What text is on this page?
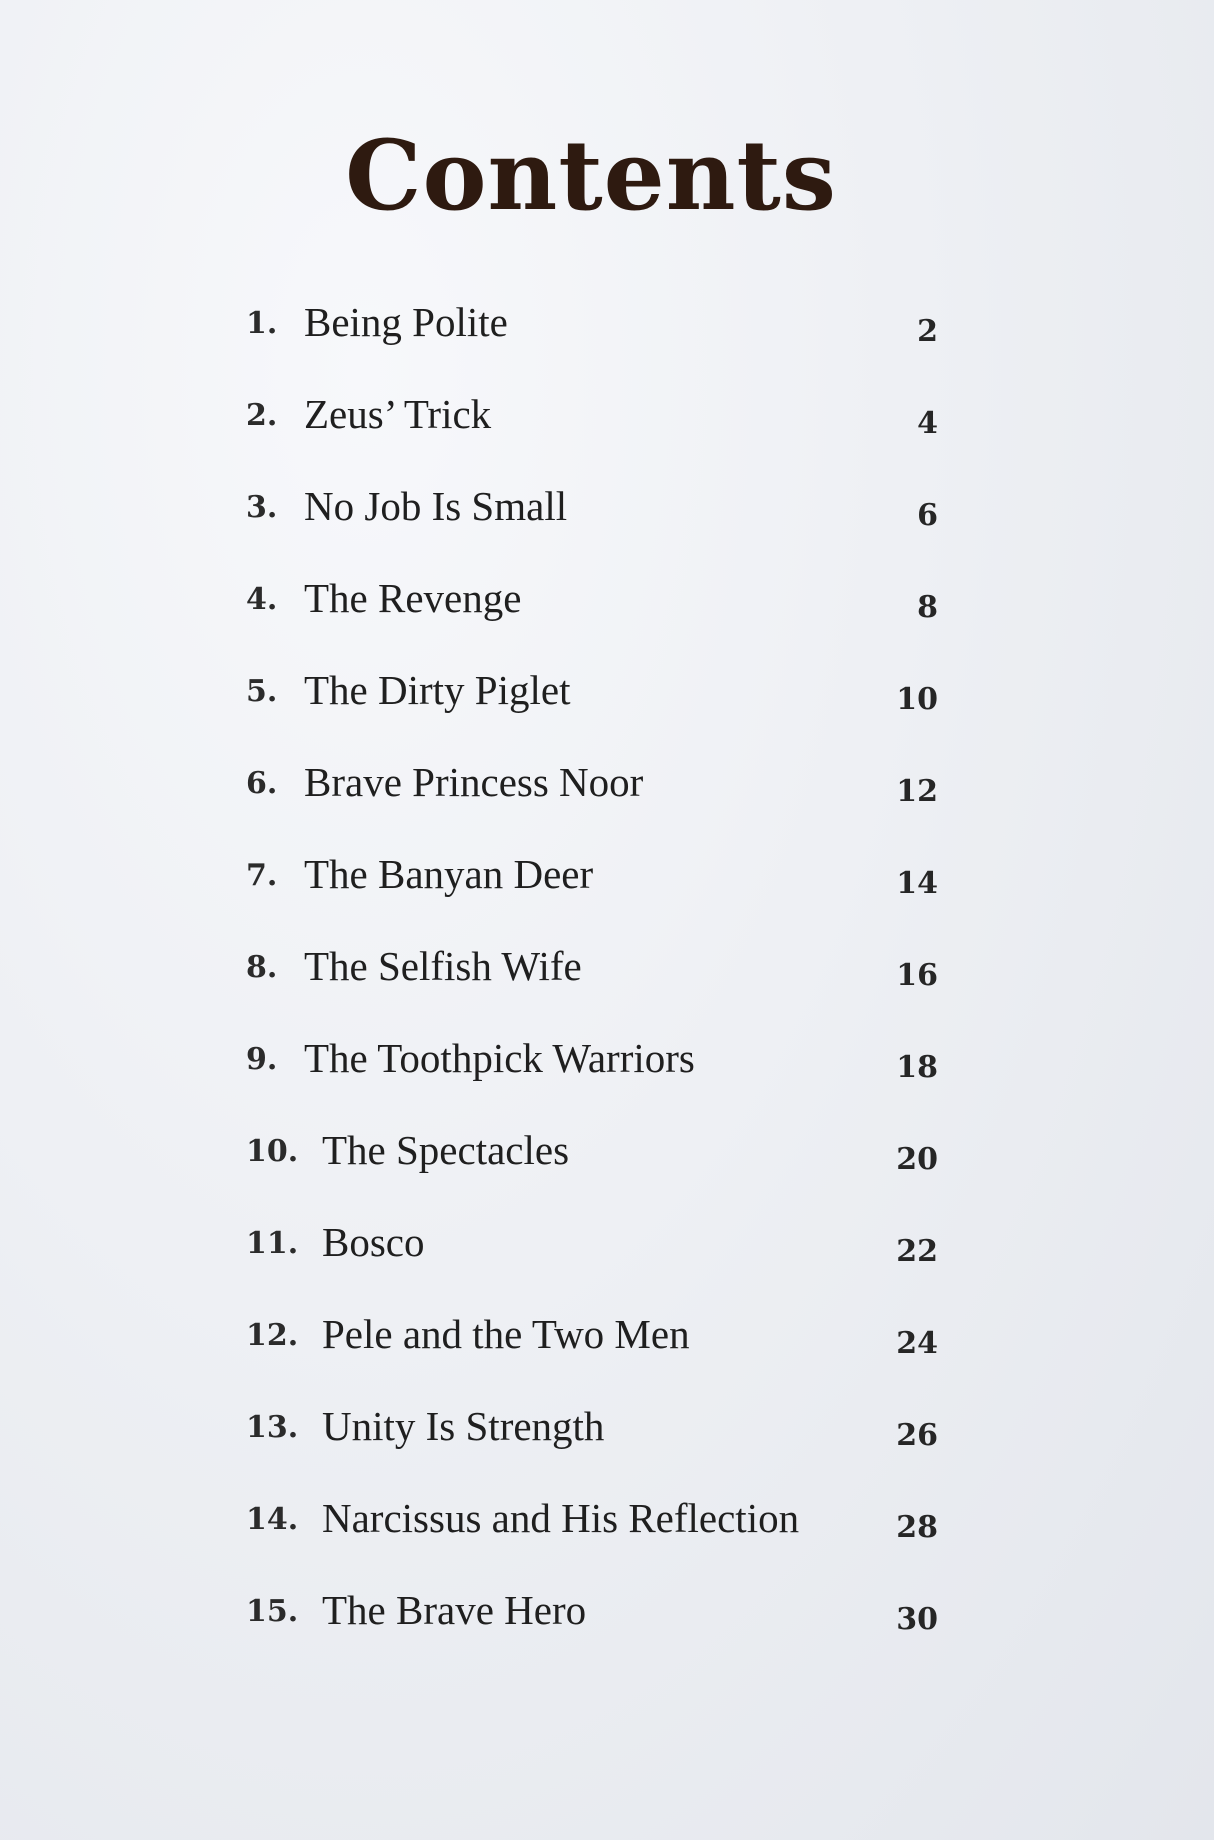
Contents
1. Being Polite	2
2. Zeus’ Trick	4
3. No Job Is Small	6
4. The Revenge	8
5. The Dirty Piglet	10
6. Brave Princess Noor	12
7. The Banyan Deer	14
8. The Selfish Wife	16
9. The Toothpick Warriors	18
10. The Spectacles	20
11. Bosco	22
12. Pele and the Two Men	24
13. Unity Is Strength	26
14. Narcissus and His Reflection	28
15. The Brave Hero	30
